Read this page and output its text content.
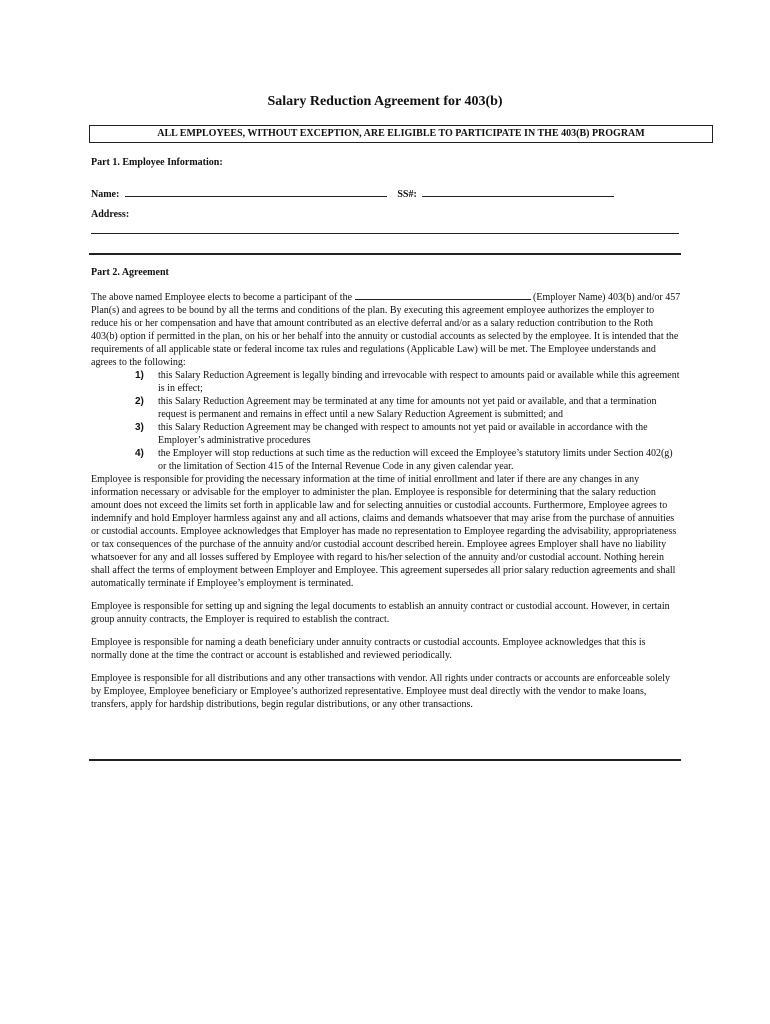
Salary Reduction Agreement for 403(b)
ALL EMPLOYEES, WITHOUT EXCEPTION, ARE ELIGIBLE TO PARTICIPATE IN THE 403(B) PROGRAM
Part 1. Employee Information:
Name:	SS#:
Address:
Part 2. Agreement

The above named Employee elects to become a participant of the	(Employer Name) 403(b) and/or 457 Plan(s) and agrees to be bound by all the terms and conditions of the plan. By executing this agreement employee authorizes the employer to reduce his or her compensation and have that amount contributed as an elective deferral and/or as a salary reduction contribution to the Roth 403(b) option if permitted in the plan, on his or her behalf into the annuity or custodial accounts as selected by the employee. It is intended that the requirements of all applicable state or federal income tax rules and regulations (Applicable Law) will be met. The Employee understands and agrees to the following:

1) this Salary Reduction Agreement is legally binding and irrevocable with respect to amounts paid or available while this agreement is in effect;
2) this Salary Reduction Agreement may be terminated at any time for amounts not yet paid or available, and that a termination request is permanent and remains in effect until a new Salary Reduction Agreement is submitted; and
3) this Salary Reduction Agreement may be changed with respect to amounts not yet paid or available in accordance with the Employer’s administrative procedures
4) the Employer will stop reductions at such time as the reduction will exceed the Employee’s statutory limits under Section 402(g) or the limitation of Section 415 of the Internal Revenue Code in any given calendar year.

Employee is responsible for providing the necessary information at the time of initial enrollment and later if there are any changes in any information necessary or advisable for the employer to administer the plan. Employee is responsible for determining that the salary reduction amount does not exceed the limits set forth in applicable law and for selecting annuities or custodial accounts. Furthermore, Employee agrees to indemnify and hold Employer harmless against any and all actions, claims and demands whatsoever that may arise from the purchase of annuities or custodial accounts. Employee acknowledges that Employer has made no representation to Employee regarding the advisability, appropriateness or tax consequences of the purchase of the annuity and/or custodial account described herein. Employee agrees Employer shall have no liability whatsoever for any and all losses suffered by Employee with regard to his/her selection of the annuity and/or custodial account. Nothing herein shall affect the terms of employment between Employer and Employee. This agreement supersedes all prior salary reduction agreements and shall automatically terminate if Employee’s employment is terminated.

Employee is responsible for setting up and signing the legal documents to establish an annuity contract or custodial account. However, in certain group annuity contracts, the Employer is required to establish the contract.

Employee is responsible for naming a death beneficiary under annuity contracts or custodial accounts. Employee acknowledges that this is normally done at the time the contract or account is established and reviewed periodically.

Employee is responsible for all distributions and any other transactions with vendor. All rights under contracts or accounts are enforceable solely by Employee, Employee beneficiary or Employee’s authorized representative. Employee must deal directly with the vendor to make loans, transfers, apply for hardship distributions, begin regular distributions, or any other transactions.
